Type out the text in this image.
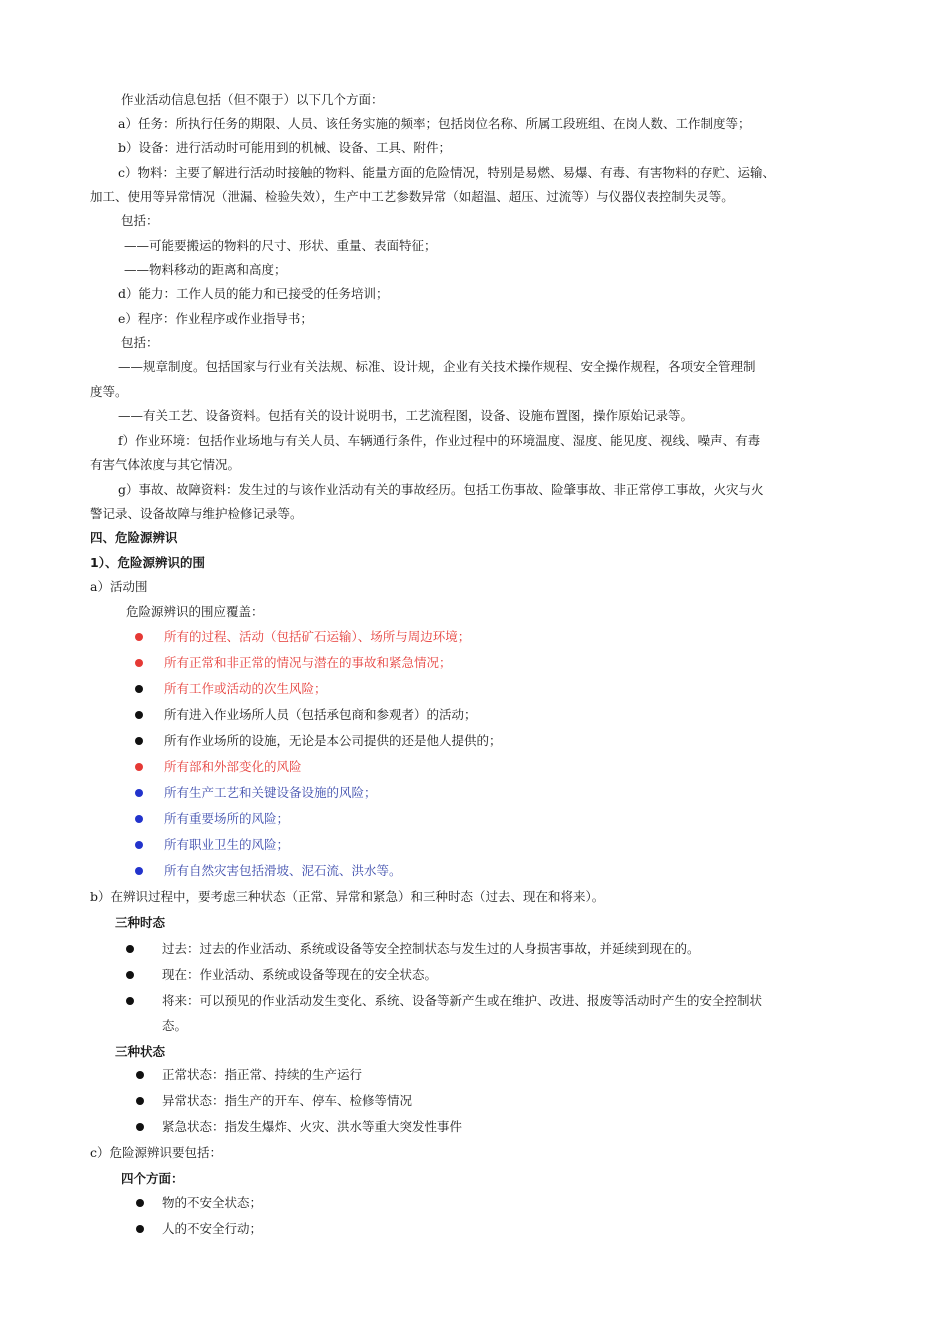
作业活动信息包括（但不限于）以下几个方面：
a）任务：所执行任务的期限、人员、该任务实施的频率；包括岗位名称、所属工段班组、在岗人数、工作制度等；
b）设备：进行活动时可能用到的机械、设备、工具、附件；
c）物料：主要了解进行活动时接触的物料、能量方面的危险情况，特别是易燃、易爆、有毒、有害物料的存贮、运输、
加工、使用等异常情况（泄漏、检验失效），生产中工艺参数异常（如超温、超压、过流等）与仪器仪表控制失灵等。
包括：
——可能要搬运的物料的尺寸、形状、重量、表面特征；
——物料移动的距离和高度；
d）能力：工作人员的能力和已接受的任务培训；
e）程序：作业程序或作业指导书；
包括：
——规章制度。包括国家与行业有关法规、标准、设计规，企业有关技术操作规程、安全操作规程，各项安全管理制
度等。
——有关工艺、设备资料。包括有关的设计说明书，工艺流程图，设备、设施布置图，操作原始记录等。
f）作业环境：包括作业场地与有关人员、车辆通行条件，作业过程中的环境温度、湿度、能见度、视线、噪声、有毒
有害气体浓度与其它情况。
g）事故、故障资料：发生过的与该作业活动有关的事故经历。包括工伤事故、险肇事故、非正常停工事故，火灾与火
警记录、设备故障与维护检修记录等。
四、危险源辨识
1）、危险源辨识的围
a）活动围
危险源辨识的围应覆盖：
所有的过程、活动（包括矿石运输）、场所与周边环境；
所有正常和非正常的情况与潜在的事故和紧急情况；
所有工作或活动的次生风险；
所有进入作业场所人员（包括承包商和参观者）的活动；
所有作业场所的设施，无论是本公司提供的还是他人提供的；
所有部和外部变化的风险
所有生产工艺和关键设备设施的风险；
所有重要场所的风险；
所有职业卫生的风险；
所有自然灾害包括滑坡、泥石流、洪水等。
b）在辨识过程中，要考虑三种状态（正常、异常和紧急）和三种时态（过去、现在和将来）。
三种时态
过去：过去的作业活动、系统或设备等安全控制状态与发生过的人身损害事故，并延续到现在的。
现在：作业活动、系统或设备等现在的安全状态。
将来：可以预见的作业活动发生变化、系统、设备等新产生或在维护、改进、报废等活动时产生的安全控制状
态。
三种状态
正常状态：指正常、持续的生产运行
异常状态：指生产的开车、停车、检修等情况
紧急状态：指发生爆炸、火灾、洪水等重大突发性事件
c）危险源辨识要包括：
四个方面：
物的不安全状态；
人的不安全行动；
